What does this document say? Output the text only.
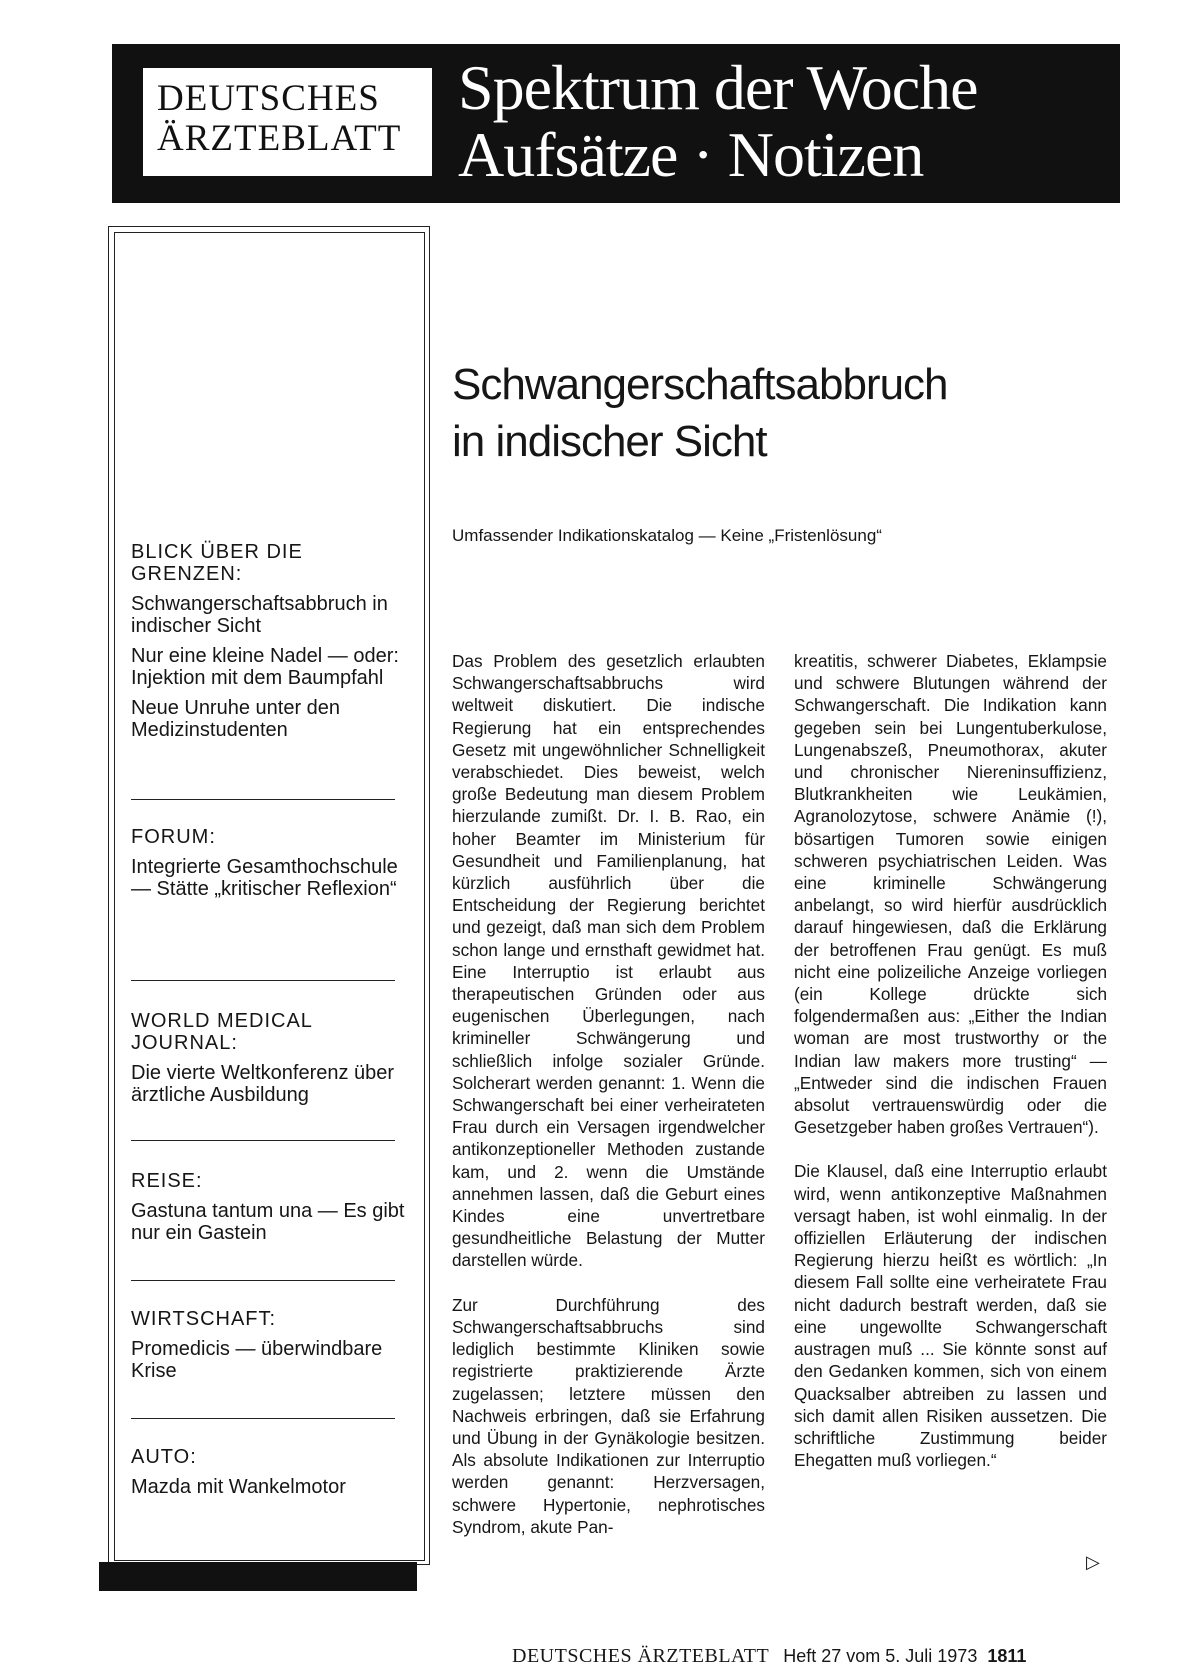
DEUTSCHES
ÄRZTEBLATT
Spektrum der Woche
Aufsätze · Notizen
BLICK ÜBER DIE GRENZEN:
Schwangerschaftsabbruch in indischer Sicht
Nur eine kleine Nadel — oder: Injektion mit dem Baumpfahl
Neue Unruhe unter den Medizinstudenten
FORUM:
Integrierte Gesamthochschule — Stätte „kritischer Reflexion“
WORLD MEDICAL JOURNAL:
Die vierte Weltkonferenz über ärztliche Ausbildung
REISE:
Gastuna tantum una — Es gibt nur ein Gastein
WIRTSCHAFT:
Promedicis — überwindbare Krise
AUTO:
Mazda mit Wankelmotor
Schwangerschaftsabbruch
in indischer Sicht
Umfassender Indikationskatalog — Keine „Fristenlösung“

Das Problem des gesetzlich erlaubten Schwangerschaftsabbruchs wird weltweit diskutiert. Die indische Regierung hat ein entsprechendes Gesetz mit ungewöhnlicher Schnelligkeit verabschiedet. Dies beweist, welch große Bedeutung man diesem Problem hierzulande zumißt. Dr. I. B. Rao, ein hoher Beamter im Ministerium für Gesundheit und Familienplanung, hat kürzlich ausführlich über die Entscheidung der Regierung berichtet und gezeigt, daß man sich dem Problem schon lange und ernsthaft gewidmet hat. Eine Interruptio ist erlaubt aus therapeutischen Gründen oder aus eugenischen Überlegungen, nach krimineller Schwängerung und schließlich infolge sozialer Gründe. Solcherart werden genannt: 1. Wenn die Schwangerschaft bei einer verheirateten Frau durch ein Versagen irgendwelcher antikonzeptioneller Methoden zustande kam, und 2. wenn die Umstände annehmen lassen, daß die Geburt eines Kindes eine unvertretbare gesundheitliche Belastung der Mutter darstellen würde.

Zur Durchführung des Schwangerschaftsabbruchs sind lediglich bestimmte Kliniken sowie registrierte praktizierende Ärzte zugelassen; letztere müssen den Nachweis erbringen, daß sie Erfahrung und Übung in der Gynäkologie besitzen. Als absolute Indikationen zur Interruptio werden genannt: Herzversagen, schwere Hypertonie, nephrotisches Syndrom, akute Pan-

kreatitis, schwerer Diabetes, Eklampsie und schwere Blutungen während der Schwangerschaft. Die Indikation kann gegeben sein bei Lungentuberkulose, Lungenabszeß, Pneumothorax, akuter und chronischer Niereninsuffizienz, Blutkrankheiten wie Leukämien, Agranolozytose, schwere Anämie (!), bösartigen Tumoren sowie einigen schweren psychiatrischen Leiden. Was eine kriminelle Schwängerung anbelangt, so wird hierfür ausdrücklich darauf hingewiesen, daß die Erklärung der betroffenen Frau genügt. Es muß nicht eine polizeiliche Anzeige vorliegen (ein Kollege drückte sich folgendermaßen aus: „Either the Indian woman are most trustworthy or the Indian law makers more trusting“ — „Entweder sind die indischen Frauen absolut vertrauenswürdig oder die Gesetzgeber haben großes Vertrauen“).

Die Klausel, daß eine Interruptio erlaubt wird, wenn antikonzeptive Maßnahmen versagt haben, ist wohl einmalig. In der offiziellen Erläuterung der indischen Regierung hierzu heißt es wörtlich: „In diesem Fall sollte eine verheiratete Frau nicht dadurch bestraft werden, daß sie eine ungewollte Schwangerschaft austragen muß ... Sie könnte sonst auf den Gedanken kommen, sich von einem Quacksalber abtreiben zu lassen und sich damit allen Risiken aussetzen. Die schriftliche Zustimmung beider Ehegatten muß vorliegen.“

▷
DEUTSCHES ÄRZTEBLATT Heft 27 vom 5. Juli 1973 1811
